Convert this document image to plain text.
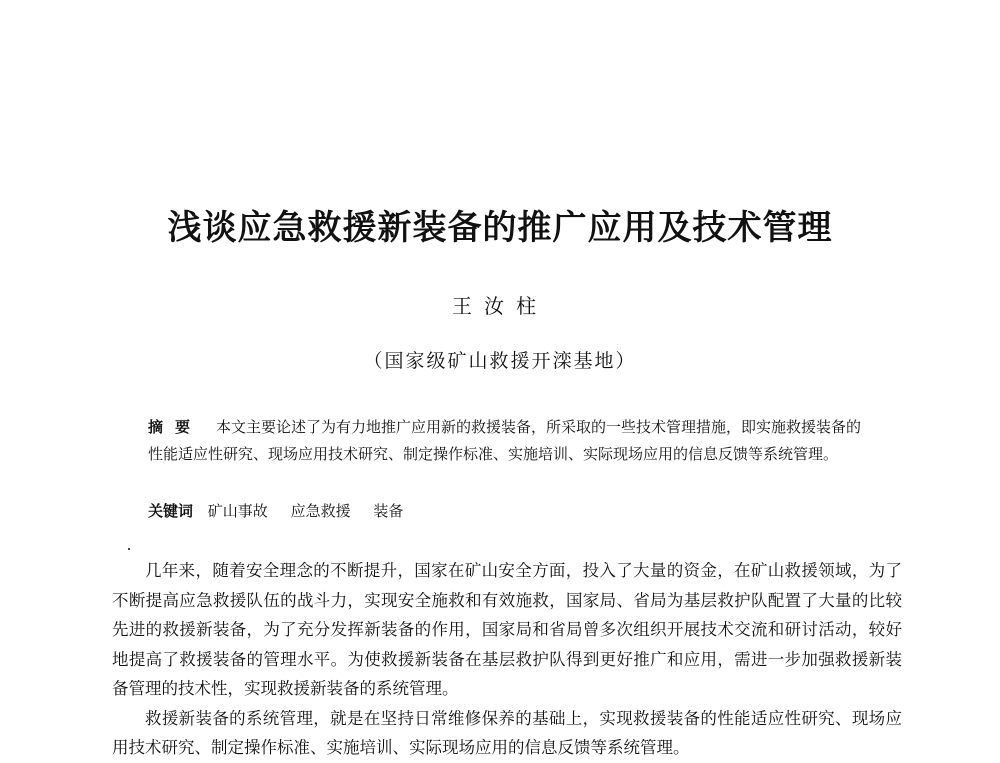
浅谈应急救援新装备的推广应用及技术管理
王汝柱
（国家级矿山救援开滦基地）
摘要 本文主要论述了为有力地推广应用新的救援装备，所采取的一些技术管理措施，即实施救援装备的性能适应性研究、现场应用技术研究、制定操作标准、实施培训、实际现场应用的信息反馈等系统管理。
关键词 矿山事故 应急救援 装备

几年来，随着安全理念的不断提升，国家在矿山安全方面，投入了大量的资金，在矿山救援领域，为了不断提高应急救援队伍的战斗力，实现安全施救和有效施救，国家局、省局为基层救护队配置了大量的比较先进的救援新装备，为了充分发挥新装备的作用，国家局和省局曾多次组织开展技术交流和研讨活动，较好地提高了救援装备的管理水平。为使救援新装备在基层救护队得到更好推广和应用，需进一步加强救援新装备管理的技术性，实现救援新装备的系统管理。

救援新装备的系统管理，就是在坚持日常维修保养的基础上，实现救援装备的性能适应性研究、现场应用技术研究、制定操作标准、实施培训、实际现场应用的信息反馈等系统管理。
